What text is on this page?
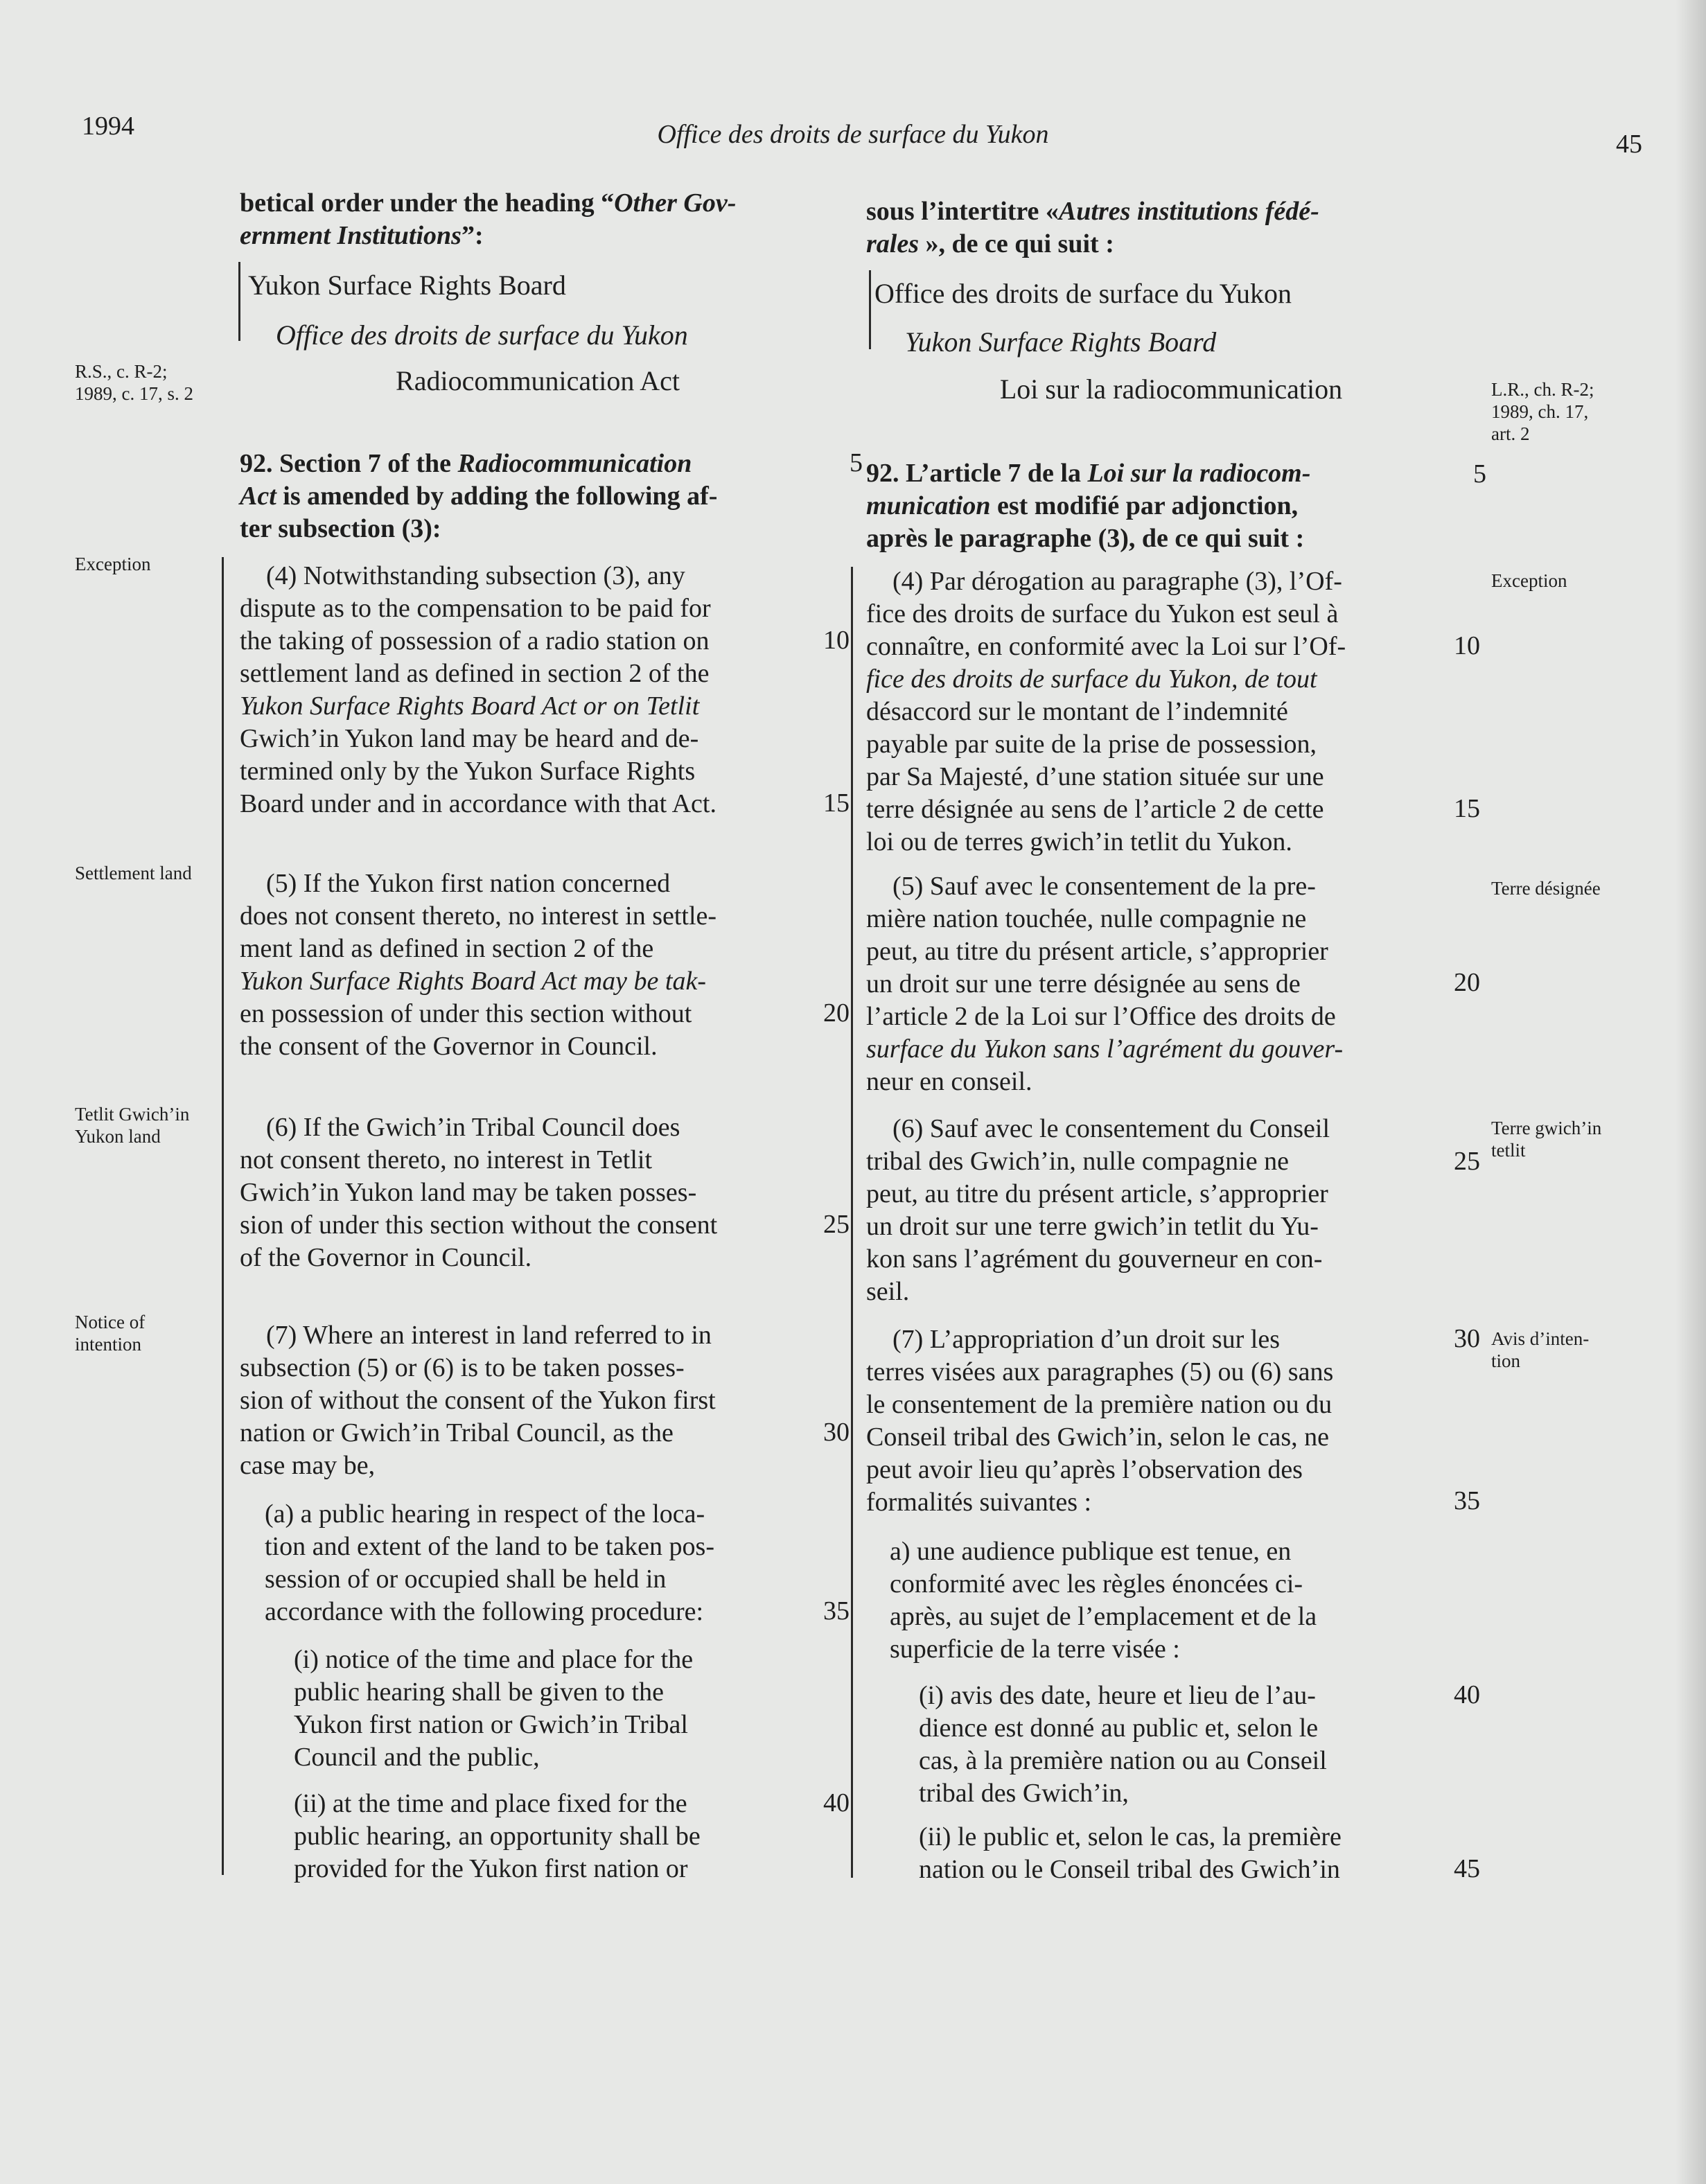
1994	Office des droits de surface du Yukon	45
betical order under the heading “Other Gov-
ernment Institutions”:
Yukon Surface Rights Board
Office des droits de surface du Yukon
Radiocommunication Act
92. Section 7 of the Radiocommunication
Act is amended by adding the following af-
ter subsection (3):
(4) Notwithstanding subsection (3), any
dispute as to the compensation to be paid for
the taking of possession of a radio station on
settlement land as defined in section 2 of the
Yukon Surface Rights Board Act or on Tetlit
Gwich’in Yukon land may be heard and de-
termined only by the Yukon Surface Rights
Board under and in accordance with that Act.
(5) If the Yukon first nation concerned
does not consent thereto, no interest in settle-
ment land as defined in section 2 of the
Yukon Surface Rights Board Act may be tak-
en possession of under this section without
the consent of the Governor in Council.
(6) If the Gwich’in Tribal Council does
not consent thereto, no interest in Tetlit
Gwich’in Yukon land may be taken posses-
sion of under this section without the consent
of the Governor in Council.
(7) Where an interest in land referred to in
subsection (5) or (6) is to be taken posses-
sion of without the consent of the Yukon first
nation or Gwich’in Tribal Council, as the
case may be,
(a) a public hearing in respect of the loca-
tion and extent of the land to be taken pos-
session of or occupied shall be held in
accordance with the following procedure:
(i) notice of the time and place for the
public hearing shall be given to the
Yukon first nation or Gwich’in Tribal
Council and the public,
(ii) at the time and place fixed for the
public hearing, an opportunity shall be
provided for the Yukon first nation or
sous l’intertitre «Autres institutions fédé-
rales », de ce qui suit :
Office des droits de surface du Yukon
Yukon Surface Rights Board
Loi sur la radiocommunication
92. L’article 7 de la Loi sur la radiocom-
munication est modifié par adjonction,
après le paragraphe (3), de ce qui suit :
(4) Par dérogation au paragraphe (3), l’Of-
fice des droits de surface du Yukon est seul à
connaître, en conformité avec la Loi sur l’Of-
fice des droits de surface du Yukon, de tout
désaccord sur le montant de l’indemnité
payable par suite de la prise de possession,
par Sa Majesté, d’une station située sur une
terre désignée au sens de l’article 2 de cette
loi ou de terres gwich’in tetlit du Yukon.
(5) Sauf avec le consentement de la pre-
mière nation touchée, nulle compagnie ne
peut, au titre du présent article, s’approprier
un droit sur une terre désignée au sens de
l’article 2 de la Loi sur l’Office des droits de
surface du Yukon sans l’agrément du gouver-
neur en conseil.
(6) Sauf avec le consentement du Conseil
tribal des Gwich’in, nulle compagnie ne
peut, au titre du présent article, s’approprier
un droit sur une terre gwich’in tetlit du Yu-
kon sans l’agrément du gouverneur en con-
seil.
(7) L’appropriation d’un droit sur les
terres visées aux paragraphes (5) ou (6) sans
le consentement de la première nation ou du
Conseil tribal des Gwich’in, selon le cas, ne
peut avoir lieu qu’après l’observation des
formalités suivantes :
a) une audience publique est tenue, en
conformité avec les règles énoncées ci-
après, au sujet de l’emplacement et de la
superficie de la terre visée :
(i) avis des date, heure et lieu de l’au-
dience est donné au public et, selon le
cas, à la première nation ou au Conseil
tribal des Gwich’in,
(ii) le public et, selon le cas, la première
nation ou le Conseil tribal des Gwich’in
5
10
15
20
25
30
35
40
5
10
15
20
25
30
35
40
45
R.S., c. R-2;
1989, c. 17, s. 2
Exception
Settlement land
Tetlit Gwich’in
Yukon land
Notice of
intention
L.R., ch. R-2;
1989, ch. 17,
art. 2
Exception
Terre désignée
Terre gwich’in
tetlit
Avis d’inten-
tion
